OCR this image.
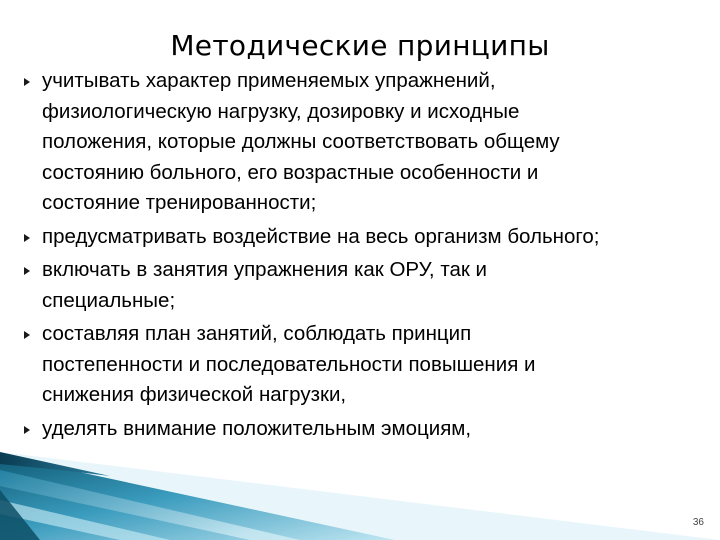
Методические принципы
учитывать характер применяемых упражнений,
физиологическую нагрузку, дозировку и исходные
положения, которые должны соответствовать общему
состоянию больного, его возрастные особенности и
состояние тренированности;
предусматривать воздействие на весь организм больного;
включать в занятия упражнения как ОРУ, так и
специальные;
составляя план занятий, соблюдать принцип
постепенности и последовательности повышения и
снижения физической нагрузки,
уделять внимание положительным эмоциям,
36
